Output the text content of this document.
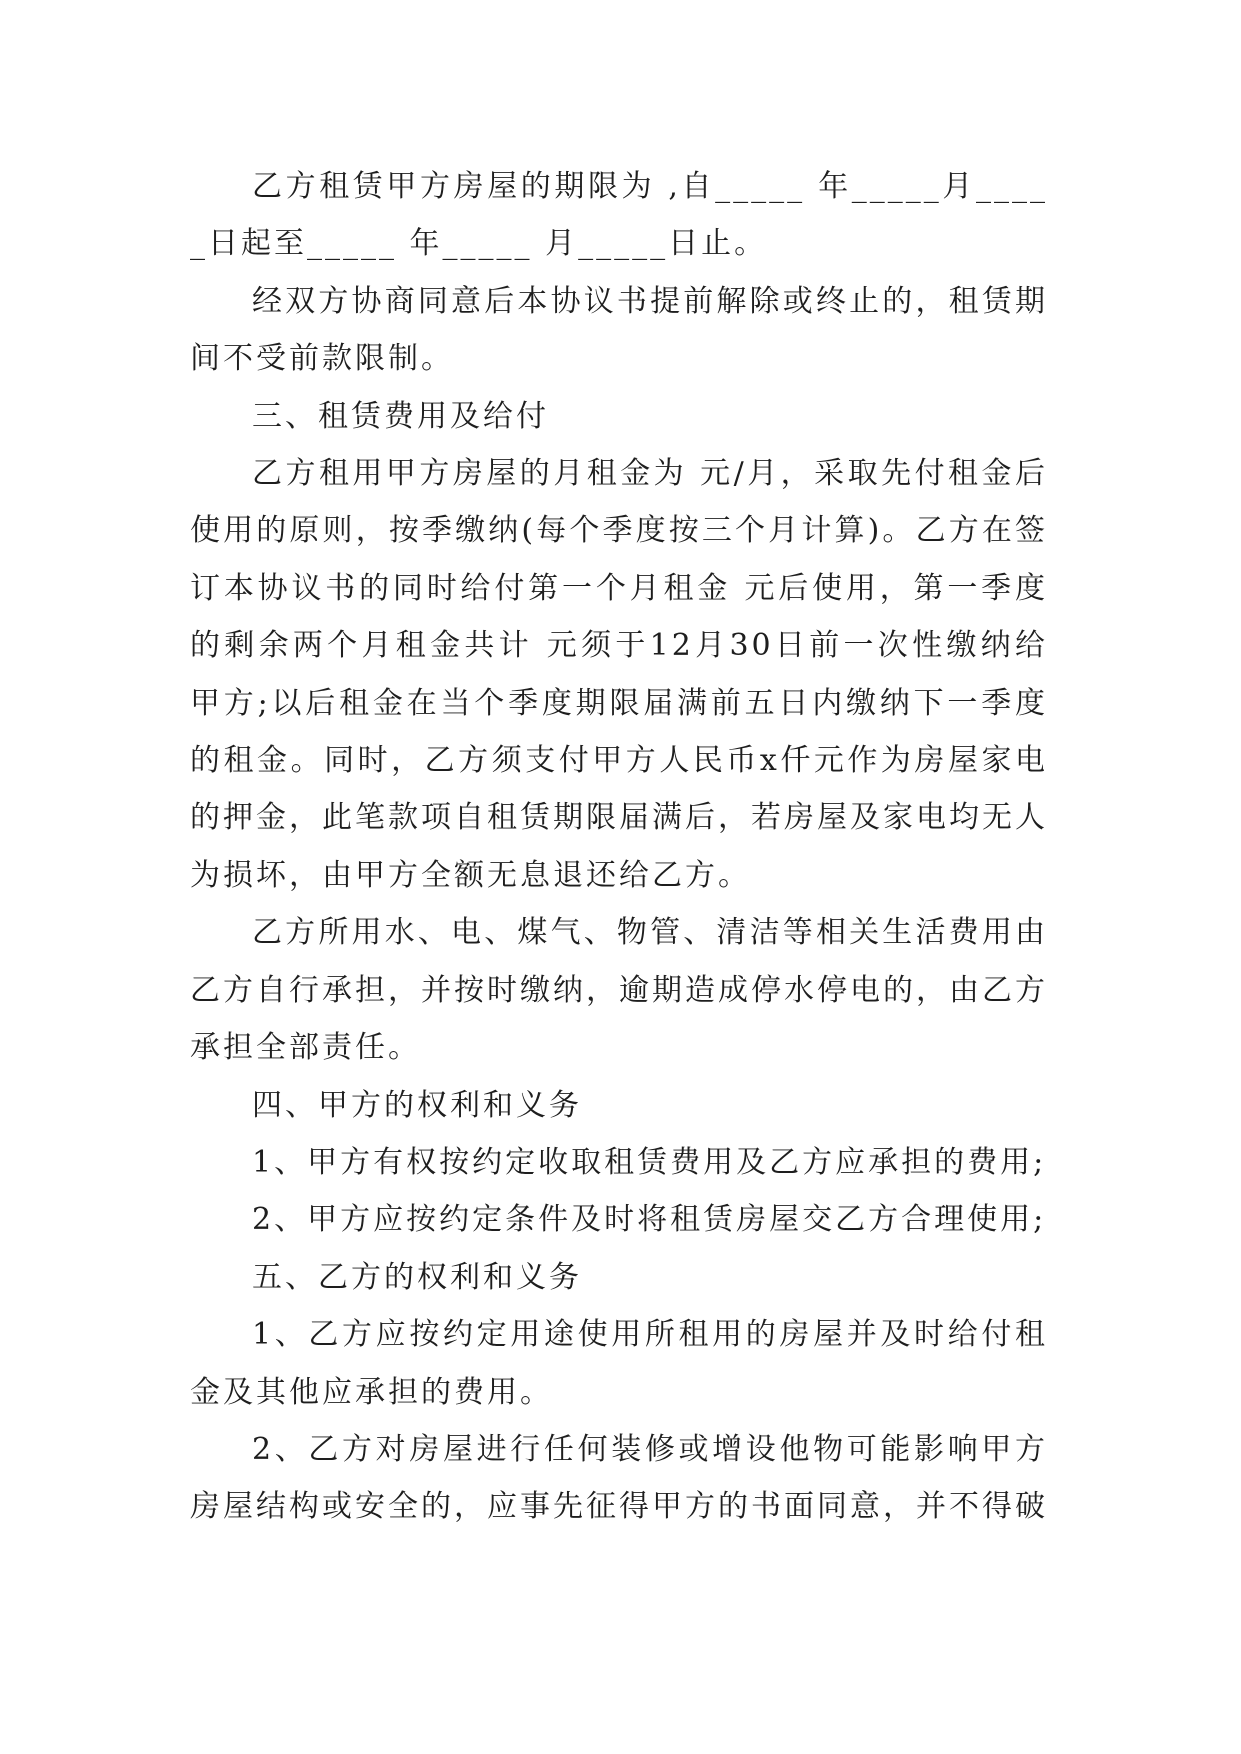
乙方租赁甲方房屋的期限为 ,自_____ 年_____月_____日起至_____ 年_____ 月_____日止。

经双方协商同意后本协议书提前解除或终止的，租赁期间不受前款限制。

三、租赁费用及给付

乙方租用甲方房屋的月租金为 元/月，采取先付租金后使用的原则，按季缴纳(每个季度按三个月计算)。乙方在签订本协议书的同时给付第一个月租金 元后使用，第一季度的剩余两个月租金共计 元须于12月30日前一次性缴纳给甲方;以后租金在当个季度期限届满前五日内缴纳下一季度的租金。同时，乙方须支付甲方人民币x仟元作为房屋家电的押金，此笔款项自租赁期限届满后，若房屋及家电均无人为损坏，由甲方全额无息退还给乙方。

乙方所用水、电、煤气、物管、清洁等相关生活费用由乙方自行承担，并按时缴纳，逾期造成停水停电的，由乙方承担全部责任。

四、甲方的权利和义务

1、甲方有权按约定收取租赁费用及乙方应承担的费用;

2、甲方应按约定条件及时将租赁房屋交乙方合理使用;

五、乙方的权利和义务

1、乙方应按约定用途使用所租用的房屋并及时给付租金及其他应承担的费用。

2、乙方对房屋进行任何装修或增设他物可能影响甲方房屋结构或安全的，应事先征得甲方的书面同意，并不得破
